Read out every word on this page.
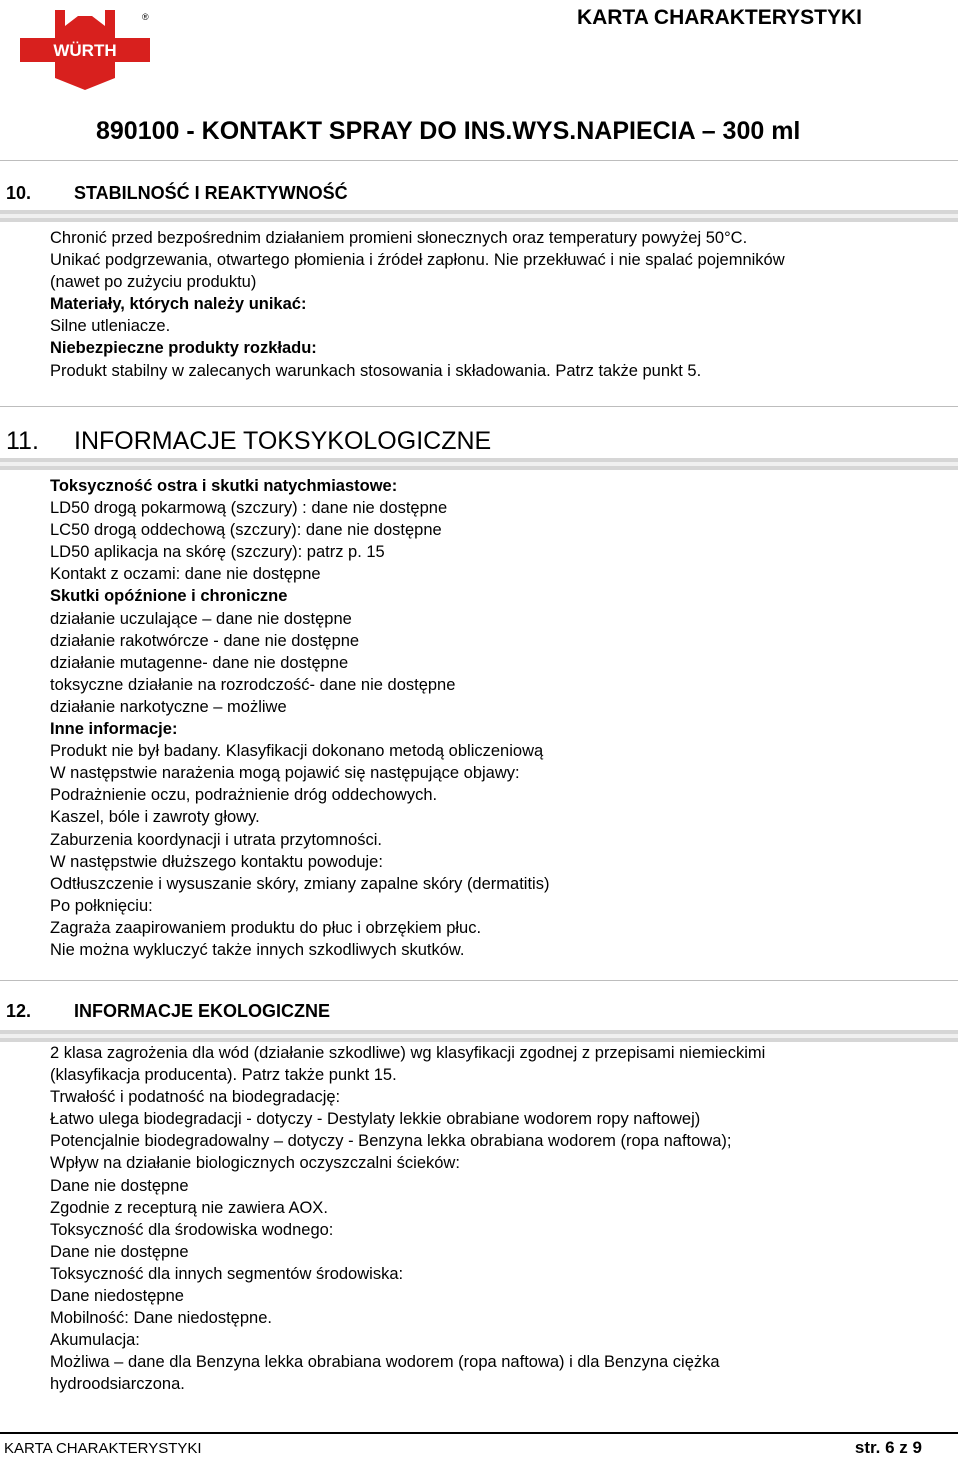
WÜRTH
®	KARTA CHARAKTERYSTYKI
890100 - KONTAKT SPRAY DO INS.WYS.NAPIECIA – 300 ml
10. STABILNOŚĆ I REAKTYWNOŚĆ

Chronić przed bezpośrednim działaniem promieni słonecznych oraz temperatury powyżej 50°C.

Unikać podgrzewania, otwartego płomienia i źródeł zapłonu. Nie przekłuwać i nie spalać pojemników

(nawet po zużyciu produktu)

Materiały, których należy unikać:

Silne utleniacze.

Niebezpieczne produkty rozkładu:

Produkt stabilny w zalecanych warunkach stosowania i składowania. Patrz także punkt 5.

11. INFORMACJE TOKSYKOLOGICZNE

Toksyczność ostra i skutki natychmiastowe:

LD50 drogą pokarmową (szczury) : dane nie dostępne

LC50 drogą oddechową (szczury): dane nie dostępne

LD50 aplikacja na skórę (szczury): patrz p. 15

Kontakt z oczami: dane nie dostępne

Skutki opóźnione i chroniczne

działanie uczulające – dane nie dostępne

działanie rakotwórcze - dane nie dostępne

działanie mutagenne- dane nie dostępne

toksyczne działanie na rozrodczość- dane nie dostępne

działanie narkotyczne – możliwe

Inne informacje:

Produkt nie był badany. Klasyfikacji dokonano metodą obliczeniową

W następstwie narażenia mogą pojawić się następujące objawy:

Podrażnienie oczu, podrażnienie dróg oddechowych.

Kaszel, bóle i zawroty głowy.

Zaburzenia koordynacji i utrata przytomności.

W następstwie dłuższego kontaktu powoduje:

Odtłuszczenie i wysuszanie skóry, zmiany zapalne skóry (dermatitis)

Po połknięciu:

Zagraża zaapirowaniem produktu do płuc i obrzękiem płuc.

Nie można wykluczyć także innych szkodliwych skutków.

12. INFORMACJE EKOLOGICZNE

2 klasa zagrożenia dla wód (działanie szkodliwe) wg klasyfikacji zgodnej z przepisami niemieckimi

(klasyfikacja producenta). Patrz także punkt 15.

Trwałość i podatność na biodegradację:

Łatwo ulega biodegradacji - dotyczy - Destylaty lekkie obrabiane wodorem ropy naftowej)

Potencjalnie biodegradowalny – dotyczy - Benzyna lekka obrabiana wodorem (ropa naftowa);

Wpływ na działanie biologicznych oczyszczalni ścieków:

Dane nie dostępne

Zgodnie z recepturą nie zawiera AOX.

Toksyczność dla środowiska wodnego:

Dane nie dostępne

Toksyczność dla innych segmentów środowiska:

Dane niedostępne

Mobilność: Dane niedostępne.

Akumulacja:

Możliwa – dane dla Benzyna lekka obrabiana wodorem (ropa naftowa) i dla Benzyna ciężka

hydroodsiarczona.

KARTA CHARAKTERYSTYKI	str. 6 z 9
